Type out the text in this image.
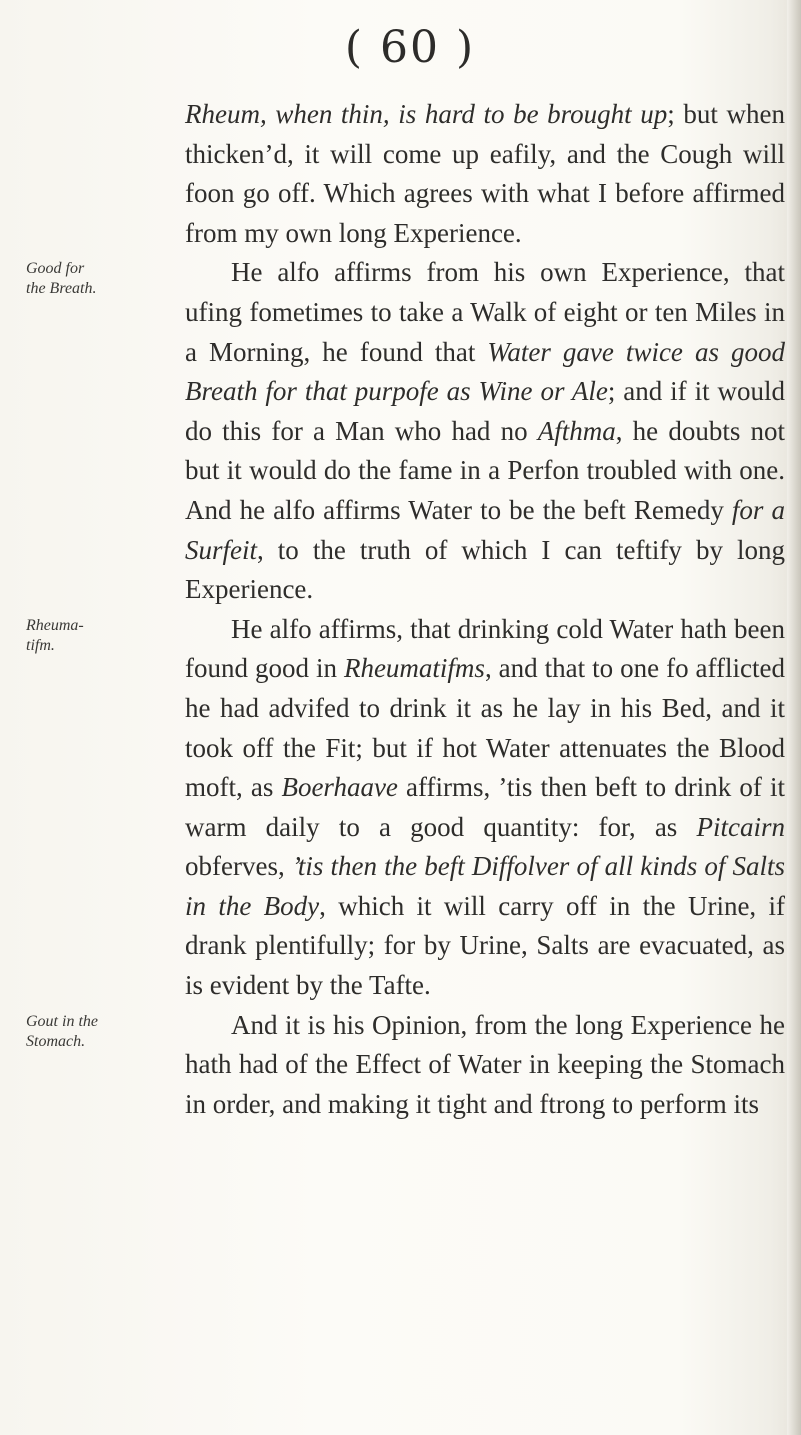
( 60 )
Good for
the Breath.
Rheuma-
tifm.
Gout in the
Stomach.

Rheum, when thin, is hard to be brought up; but when thicken’d, it will come up eafily, and the Cough will foon go off. Which agrees with what I before affirmed from my own long Experience.

He alfo affirms from his own Experience, that ufing fometimes to take a Walk of eight or ten Miles in a Morning, he found that Water gave twice as good Breath for that purpofe as Wine or Ale; and if it would do this for a Man who had no Afthma, he doubts not but it would do the fame in a Perfon troubled with one. And he alfo affirms Water to be the beft Remedy for a Surfeit, to the truth of which I can teftify by long Experience.

He alfo affirms, that drinking cold Water hath been found good in Rheumatifms, and that to one fo afflicted he had advifed to drink it as he lay in his Bed, and it took off the Fit; but if hot Water attenuates the Blood moft, as Boerhaave affirms, ’tis then beft to drink of it warm daily to a good quantity: for, as Pitcairn obferves, ’tis then the beft Diffolver of all kinds of Salts in the Body, which it will carry off in the Urine, if drank plentifully; for by Urine, Salts are evacuated, as is evident by the Tafte.

And it is his Opinion, from the long Experience he hath had of the Effect of Water in keeping the Stomach in order, and making it tight and ftrong to perform its
